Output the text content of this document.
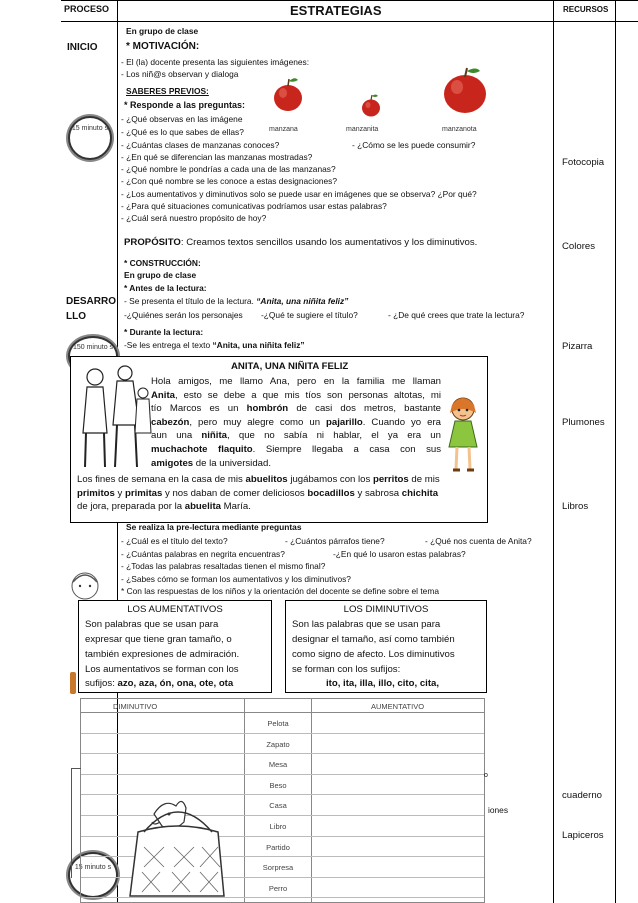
PROCESO	ESTRATEGIAS	RECURSOS
INICIO
DESARRO
LLO
15 minuto s
150 minuto s
15 minuto s
En grupo de clase
* MOTIVACIÓN:
- El (la) docente presenta las siguientes imágenes:
- Los niñ@s observan y dialoga
manzana	manzanita	manzanota
SABERES PREVIOS:
* Responde a las preguntas:
- ¿Qué observas en las imágene
- ¿Qué es lo que sabes de ellas?
- ¿Cuántas clases de manzanas conoces?	- ¿Cómo se les puede consumir?
- ¿En qué se diferencian las manzanas mostradas?
- ¿Qué nombre le pondrías a cada una de las manzanas?
- ¿Con qué nombre se les conoce a estas designaciones?
- ¿Los aumentativos y diminutivos solo se puede usar en imágenes que se observa? ¿Por qué?
- ¿Para qué situaciones comunicativas podríamos usar estas palabras?
- ¿Cuál será nuestro propósito de hoy?
PROPÓSITO: Creamos textos sencillos usando los aumentativos y los diminutivos.
* CONSTRUCCIÓN:
En grupo de clase
* Antes de la lectura:
- Se presenta el título de la lectura. “Anita, una niñita feliz”
-¿Quiénes serán los personajes -¿Qué te sugiere el título?	- ¿De qué crees que trate la lectura?
* Durante la lectura:
-Se les entrega el texto “Anita, una niñita feliz”
ANITA, UNA NIÑITA FELIZ
Hola amigos, me llamo Ana, pero en la familia me llaman
Anita, esto se debe a que mis tíos son personas altotas, mi
tío Marcos es un hombrón de casi dos metros, bastante
cabezón, pero muy alegre como un pajarillo. Cuando yo era
aun una niñita, que no sabía ni hablar, el ya era un
muchachote flaquito. Siempre llegaba a casa con sus
amigotes de la universidad.
Los fines de semana en la casa de mis abuelitos jugábamos con los perritos de mis
primitos y primitas y nos daban de comer deliciosos bocadillos y sabrosa chichita
de jora, preparada por la abuelita María.
Se realiza la pre-lectura mediante preguntas
- ¿Cuál es el título del texto?	- ¿Cuántos párrafos tiene?	- ¿Qué nos cuenta de Anita?
- ¿Cuántas palabras en negrita encuentras?	-¿En qué lo usaron estas palabras?
- ¿Todas las palabras resaltadas tienen el mismo final?
- ¿Sabes cómo se forman los aumentativos y los diminutivos?
* Con las respuestas de los niños y la orientación del docente se define sobre el tema
LOS AUMENTATIVOS
Son palabras que se usan para
expresar que tiene gran tamaño, o
también expresiones de admiración.
Los aumentativos se forman con los
sufijos: azo, aza, ón, ona, ote, ota
LOS DIMINUTIVOS
Son las palabras que se usan para
designar el tamaño, así como también
como signo de afecto. Los diminutivos
se forman con los sufijos:
ito, ita, illa, illo, cito, cita,
DIMINUTIVO	AUMENTATIVO
Pelota
Zapato
Mesa
Beso
Casa
Libro
Partido
Sorpresa
Perro
o
iones
Fotocopia
Colores
Pizarra
Plumones
Libros
cuaderno
Lapiceros
